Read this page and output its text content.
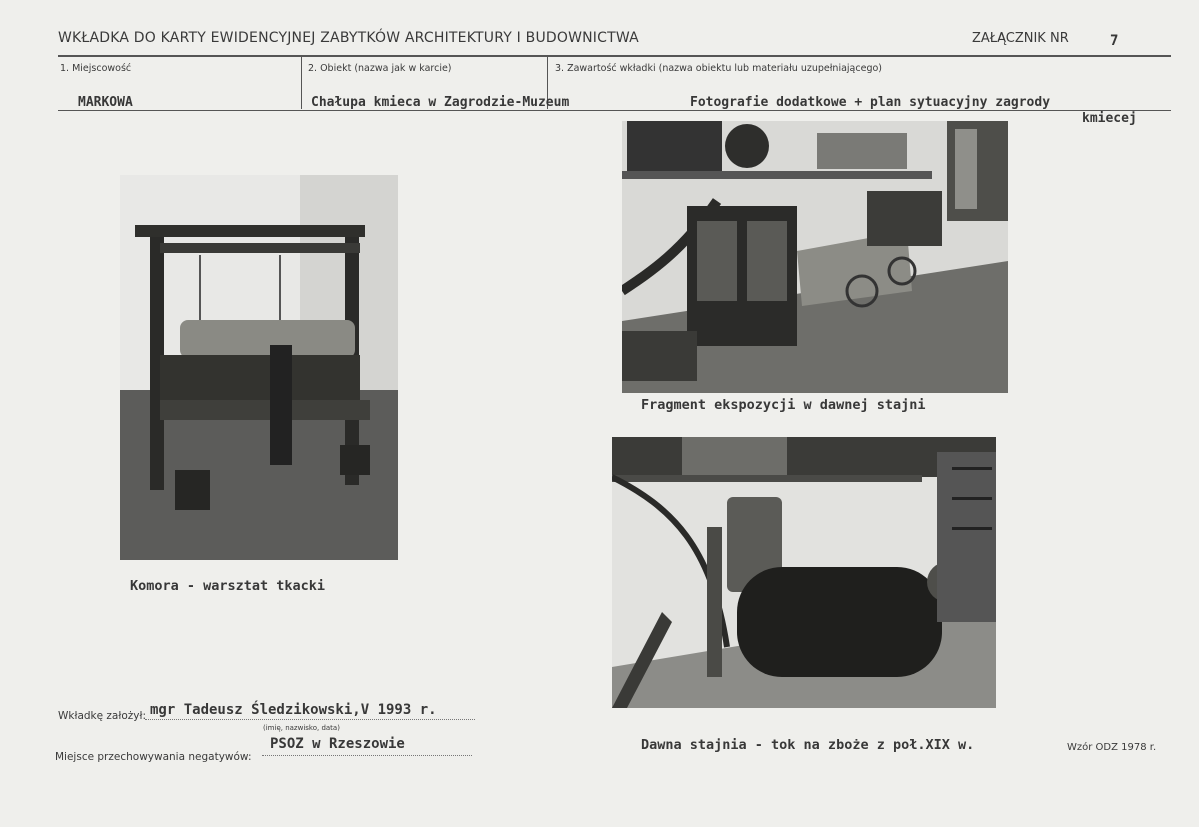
WKŁADKA DO KARTY EWIDENCYJNEJ ZABYTKÓW ARCHITEKTURY I BUDOWNICTWA	ZAŁĄCZNIK NR	7
1. Miejscowość	2. Obiekt (nazwa jak w karcie)	3. Zawartość wkładki (nazwa obiektu lub materiału uzupełniającego)
MARKOWA	Chałupa kmieca w Zagrodzie-Muzeum	Fotografie dodatkowe + plan sytuacyjny zagrody
kmiecej
Komora - warsztat tkacki
Fragment ekspozycji w dawnej stajni
Dawna stajnia - tok na zboże z poł.XIX w.
Wkładkę założył: mgr Tadeusz Śledzikowski,V 1993 r.
(imię, nazwisko, data)
Miejsce przechowywania negatywów:
PSOZ w Rzeszowie	Wzór ODZ 1978 r.
